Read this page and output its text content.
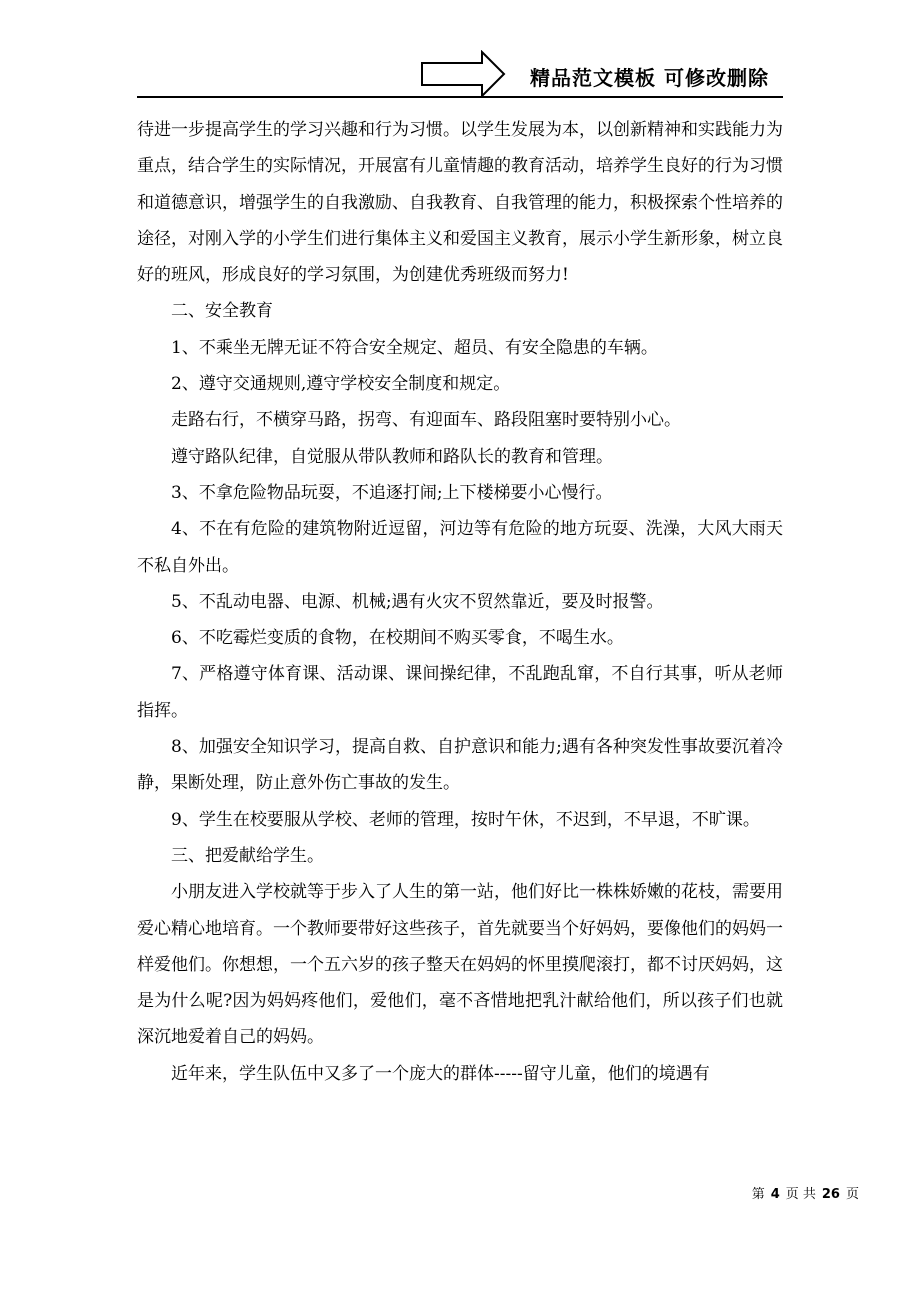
精品范文模板 可修改删除

待进一步提高学生的学习兴趣和行为习惯。以学生发展为本，以创新精神和实践能力为重点，结合学生的实际情况，开展富有儿童情趣的教育活动，培养学生良好的行为习惯和道德意识，增强学生的自我激励、自我教育、自我管理的能力，积极探索个性培养的途径，对刚入学的小学生们进行集体主义和爱国主义教育，展示小学生新形象，树立良好的班风，形成良好的学习氛围，为创建优秀班级而努力!

二、安全教育

1、不乘坐无牌无证不符合安全规定、超员、有安全隐患的车辆。

2、遵守交通规则,遵守学校安全制度和规定。

走路右行，不横穿马路，拐弯、有迎面车、路段阻塞时要特别小心。

遵守路队纪律，自觉服从带队教师和路队长的教育和管理。

3、不拿危险物品玩耍，不追逐打闹;上下楼梯要小心慢行。

4、不在有危险的建筑物附近逗留，河边等有危险的地方玩耍、洗澡，大风大雨天不私自外出。

5、不乱动电器、电源、机械;遇有火灾不贸然靠近，要及时报警。

6、不吃霉烂变质的食物，在校期间不购买零食，不喝生水。

7、严格遵守体育课、活动课、课间操纪律，不乱跑乱窜，不自行其事，听从老师指挥。

8、加强安全知识学习，提高自救、自护意识和能力;遇有各种突发性事故要沉着冷静，果断处理，防止意外伤亡事故的发生。

9、学生在校要服从学校、老师的管理，按时午休，不迟到，不早退，不旷课。

三、把爱献给学生。

小朋友进入学校就等于步入了人生的第一站，他们好比一株株娇嫩的花枝，需要用爱心精心地培育。一个教师要带好这些孩子，首先就要当个好妈妈，要像他们的妈妈一样爱他们。你想想，一个五六岁的孩子整天在妈妈的怀里摸爬滚打，都不讨厌妈妈，这是为什么呢?因为妈妈疼他们，爱他们，毫不吝惜地把乳汁献给他们，所以孩子们也就深沉地爱着自己的妈妈。

近年来，学生队伍中又多了一个庞大的群体-----留守儿童，他们的境遇有

第 4 页 共 26 页
